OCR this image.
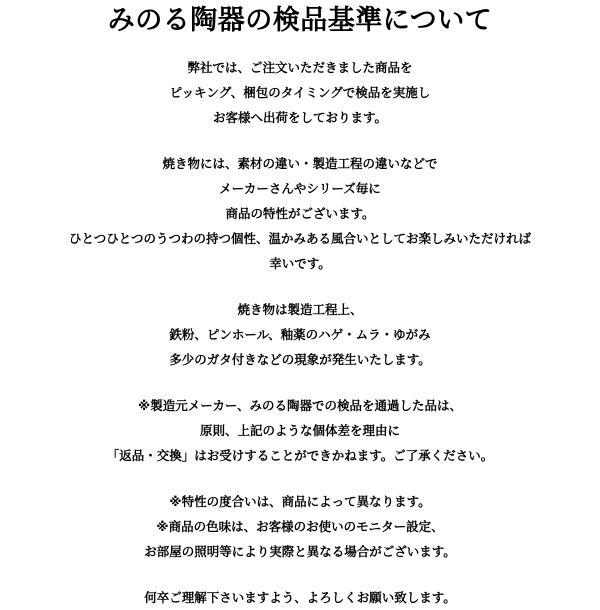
みのる陶器の検品基準について
弊社では、ご注文いただきました商品を
ピッキング、梱包のタイミングで検品を実施し
お客様へ出荷をしております。
焼き物には、素材の違い・製造工程の違いなどで
メーカーさんやシリーズ毎に
商品の特性がございます。
ひとつひとつのうつわの持つ個性、温かみある風合いとしてお楽しみいただければ
幸いです。
焼き物は製造工程上、
鉄粉、ピンホール、釉薬のハゲ・ムラ・ゆがみ
多少のガタ付きなどの現象が発生いたします。
※製造元メーカー、みのる陶器での検品を通過した品は、
原則、上記のような個体差を理由に
「返品・交換」はお受けすることができかねます。ご了承ください。
※特性の度合いは、商品によって異なります。
※商品の色味は、お客様のお使いのモニター設定、
お部屋の照明等により実際と異なる場合がございます。
何卒ご理解下さいますよう、よろしくお願い致します。
